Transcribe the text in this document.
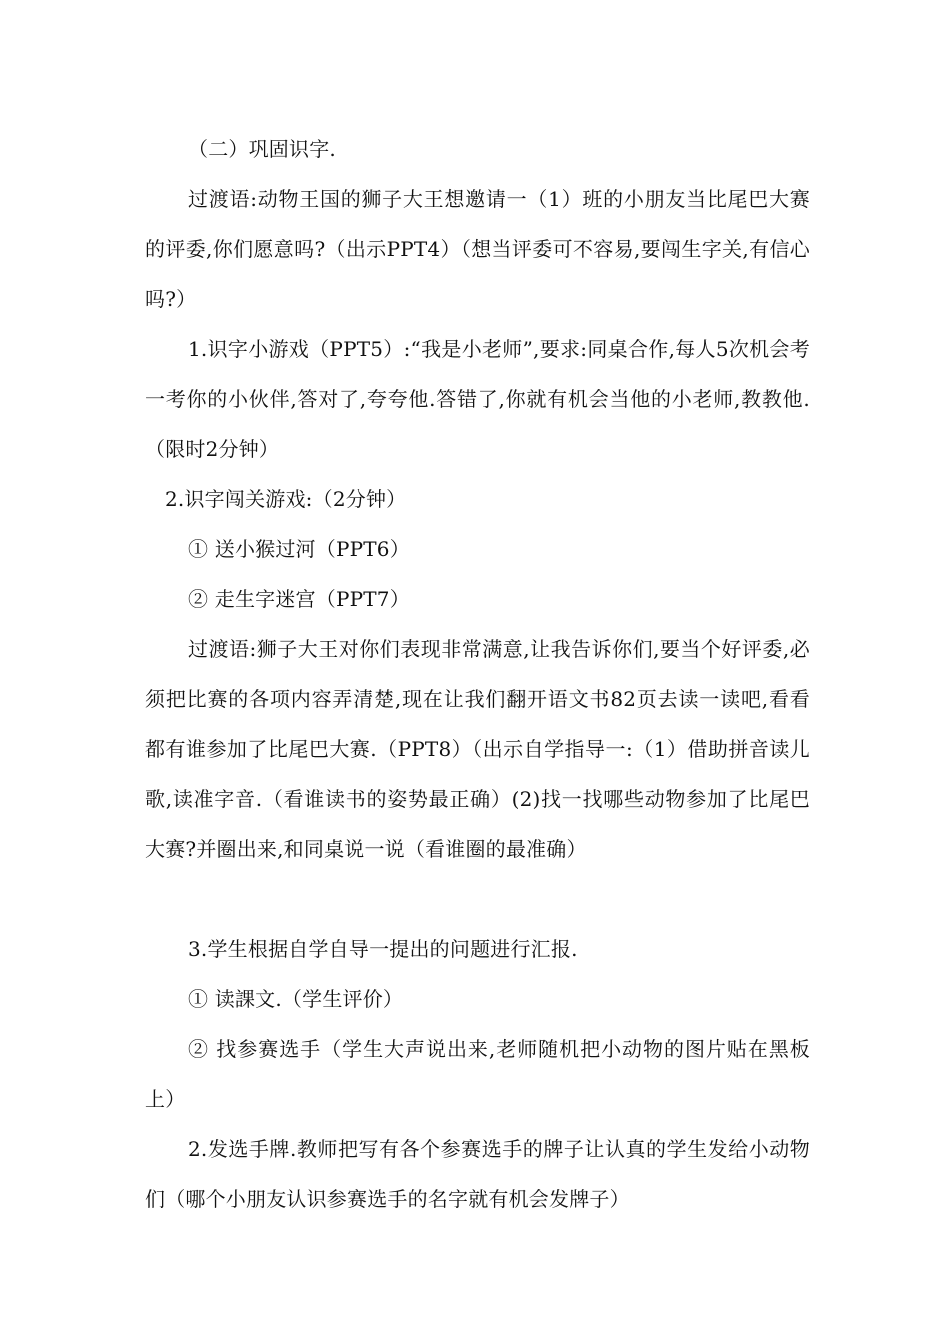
（二）巩固识字.

过渡语:动物王国的狮子大王想邀请一（1）班的小朋友当比尾巴大赛的评委,你们愿意吗?（出示PPT4）（想当评委可不容易,要闯生字关,有信心吗?）

1.识字小游戏（PPT5）:“我是小老师”,要求:同桌合作,每人5次机会考一考你的小伙伴,答对了,夸夸他.答错了,你就有机会当他的小老师,教教他.（限时2分钟）

2.识字闯关游戏:（2分钟）

① 送小猴过河（PPT6）

② 走生字迷宫（PPT7）

过渡语:狮子大王对你们表现非常满意,让我告诉你们,要当个好评委,必须把比赛的各项内容弄清楚,现在让我们翻开语文书82页去读一读吧,看看都有谁参加了比尾巴大赛.（PPT8）（出示自学指导一:（1）借助拼音读儿歌,读准字音.（看谁读书的姿势最正确）(2)找一找哪些动物参加了比尾巴大赛?并圈出来,和同桌说一说（看谁圈的最准确）

3.学生根据自学自导一提出的问题进行汇报.

① 读課文.（学生评价）

② 找参赛选手（学生大声说出来,老师随机把小动物的图片贴在黑板上）

2.发选手牌.教师把写有各个参赛选手的牌子让认真的学生发给小动物们（哪个小朋友认识参赛选手的名字就有机会发牌子）
